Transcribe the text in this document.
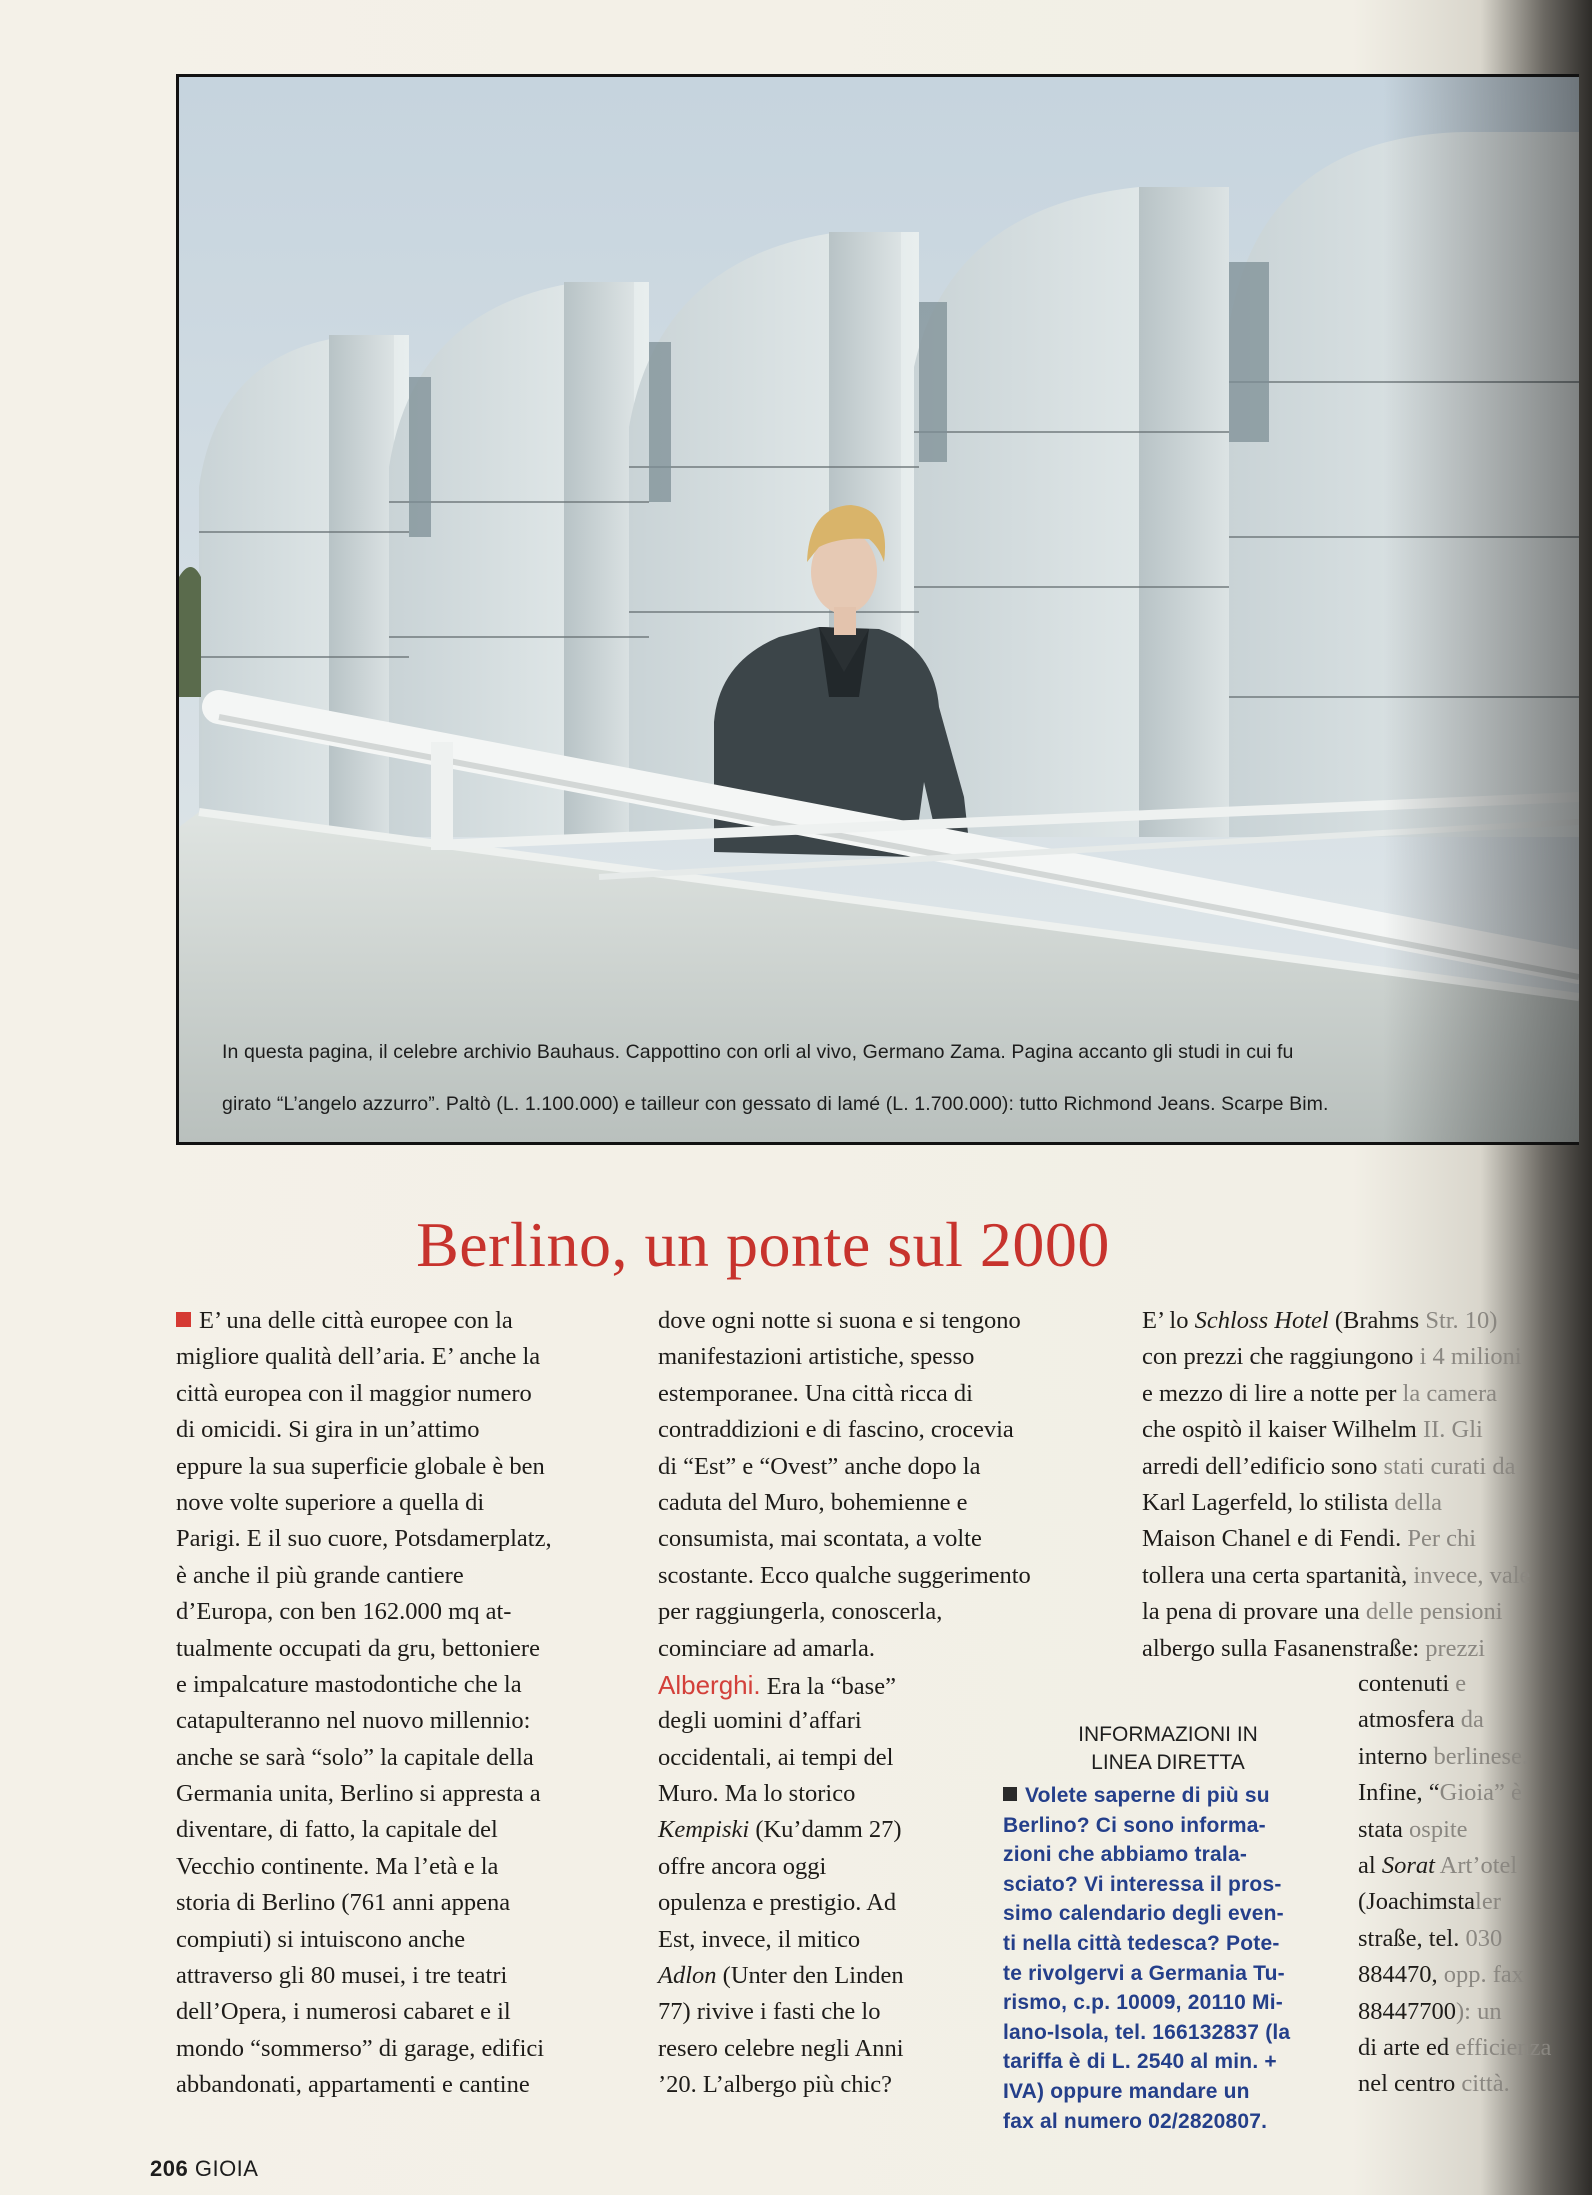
In questa pagina, il celebre archivio Bauhaus. Cappottino con orli al vivo, Germano Zama. Pagina accanto gli studi in cui fu
girato “L’angelo azzurro”. Paltò (L. 1.100.000) e tailleur con gessato di lamé (L. 1.700.000): tutto Richmond Jeans. Scarpe Bim.
Berlino, un ponte sul 2000
E’ una delle città europee con la
migliore qualità dell’aria. E’ anche la
città europea con il maggior numero
di omicidi. Si gira in un’attimo
eppure la sua superficie globale è ben
nove volte superiore a quella di
Parigi. E il suo cuore, Potsdamerplatz,
è anche il più grande cantiere
d’Europa, con ben 162.000 mq at-
tualmente occupati da gru, bettoniere
e impalcature mastodontiche che la
catapulteranno nel nuovo millennio:
anche se sarà “solo” la capitale della
Germania unita, Berlino si appresta a
diventare, di fatto, la capitale del
Vecchio continente. Ma l’età e la
storia di Berlino (761 anni appena
compiuti) si intuiscono anche
attraverso gli 80 musei, i tre teatri
dell’Opera, i numerosi cabaret e il
mondo “sommerso” di garage, edifici
abbandonati, appartamenti e cantine
dove ogni notte si suona e si tengono
manifestazioni artistiche, spesso
estemporanee. Una città ricca di
contraddizioni e di fascino, crocevia
di “Est” e “Ovest” anche dopo la
caduta del Muro, bohemienne e
consumista, mai scontata, a volte
scostante. Ecco qualche suggerimento
per raggiungerla, conoscerla,
cominciare ad amarla.
Alberghi. Era la “base”
degli uomini d’affari
occidentali, ai tempi del
Muro. Ma lo storico
Kempiski (Ku’damm 27)
offre ancora oggi
opulenza e prestigio. Ad
Est, invece, il mitico
Adlon (Unter den Linden
77) rivive i fasti che lo
resero celebre negli Anni
’20. L’albergo più chic?
E’ lo Schloss Hotel (Brahms Str. 10)
con prezzi che raggiungono i 4 milioni
e mezzo di lire a notte per la camera
che ospitò il kaiser Wilhelm II. Gli
arredi dell’edificio sono stati curati da
Karl Lagerfeld, lo stilista della
Maison Chanel e di Fendi. Per chi
tollera una certa spartanità, invece, vale
la pena di provare una delle pensioni
albergo sulla Fasanenstraße: prezzi
contenuti e
atmosfera da
interno berlinese.
Infine, “Gioia” è
stata ospite
al Sorat Art’otel
(Joachimstaler
straße, tel. 030
884470, opp. fax
88447700): un
di arte ed efficienza
nel centro città.
INFORMAZIONI IN
LINEA DIRETTA
Volete saperne di più su
Berlino? Ci sono informa-
zioni che abbiamo trala-
sciato? Vi interessa il pros-
simo calendario degli even-
ti nella città tedesca? Pote-
te rivolgervi a Germania Tu-
rismo, c.p. 10009, 20110 Mi-
lano-Isola, tel. 166132837 (la
tariffa è di L. 2540 al min. +
IVA) oppure mandare un
fax al numero 02/2820807.
206 GIOIA
